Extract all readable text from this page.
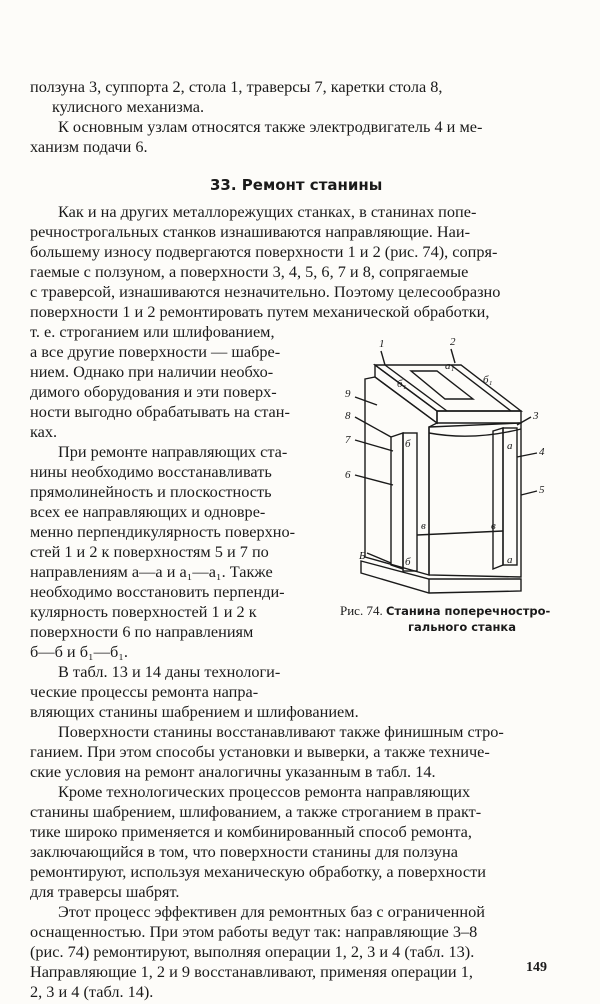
ползуна 3, суппорта 2, стола 1, траверсы 7, каретки стола 8,
кулисного механизма.
К основным узлам относятся также электродвигатель 4 и ме-
ханизм подачи 6.
33. Ремонт станины
Как и на других металлорежущих станках, в станинах попе-
речнострогальных станков изнашиваются направляющие. Наи-
большему износу подвергаются поверхности 1 и 2 (рис. 74), сопря-
гаемые с ползуном, а поверхности 3, 4, 5, 6, 7 и 8, сопрягаемые
с траверсой, изнашиваются незначительно. Поэтому целесообразно
поверхности 1 и 2 ремонтировать путем механической обработки,
т. е. строганием или шлифованием,
а все другие поверхности — шабре-
нием. Однако при наличии необхо-
димого оборудования и эти поверх-
ности выгодно обрабатывать на стан-
ках.
При ремонте направляющих ста-
нины необходимо восстанавливать
прямолинейность и плоскостность
всех ее направляющих и одновре-
менно перпендикулярность поверхно-
стей 1 и 2 к поверхностям 5 и 7 по
направлениям а—а и а₁—а₁. Также
необходимо восстановить перпенди-
кулярность поверхностей 1 и 2 к
поверхности 6 по направлениям
б—б и б₁—б₁.
В табл. 13 и 14 даны технологи-
ческие процессы ремонта напра-
вляющих станины шабрением и шлифованием.
Поверхности станины восстанавливают также финишным стро-
ганием. При этом способы установки и выверки, а также техниче-
ские условия на ремонт аналогичны указанным в табл. 14.
Кроме технологических процессов ремонта направляющих
станины шабрением, шлифованием, а также строганием в практ-
тике широко применяется и комбинированный способ ремонта,
заключающийся в том, что поверхности станины для ползуна
ремонтируют, используя механическую обработку, а поверхности
для траверсы шабрят.
Этот процесс эффективен для ремонтных баз с ограниченной
оснащенностью. При этом работы ведут так: направляющие 3–8
(рис. 74) ремонтируют, выполняя операции 1, 2, 3 и 4 (табл. 13).
Направляющие 1, 2 и 9 восстанавливают, применяя операции 1,
2, 3 и 4 (табл. 14).
1	2
9
8
7
6
3
4
5
Б
а₁
б₁	б₁
б
б
а
а
в	в
Рис. 74. Станина поперечностро-
гального станка
149
